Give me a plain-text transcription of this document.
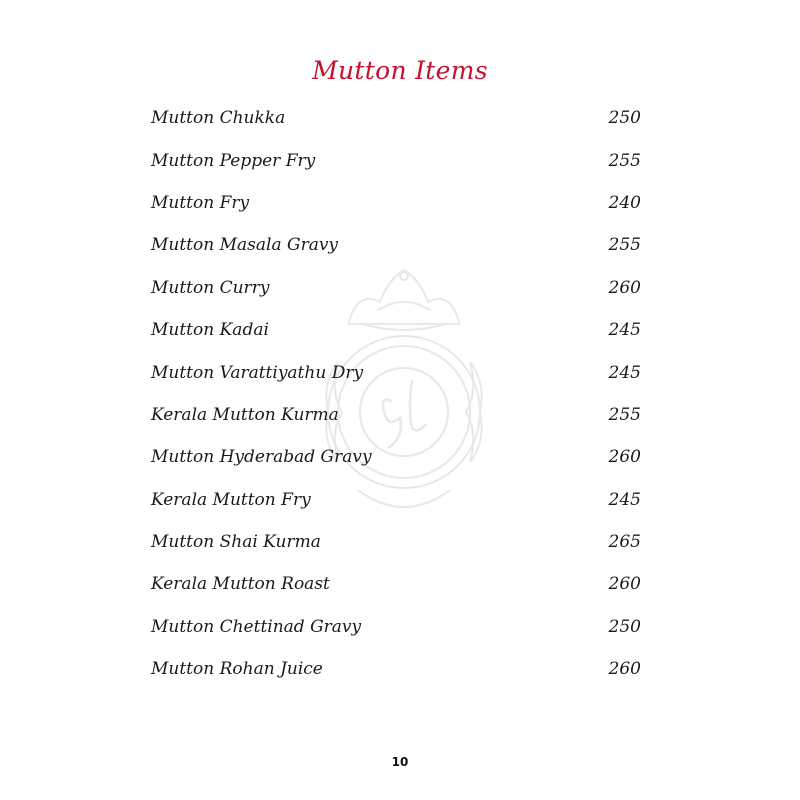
Mutton Items
Mutton Chukka	250
Mutton Pepper Fry	255
Mutton Fry	240
Mutton Masala Gravy	255
Mutton Curry	260
Mutton Kadai	245
Mutton Varattiyathu Dry	245
Kerala Mutton Kurma	255
Mutton Hyderabad Gravy	260
Kerala Mutton Fry	245
Mutton Shai Kurma	265
Kerala Mutton Roast	260
Mutton Chettinad Gravy	250
Mutton Rohan Juice	260
10
